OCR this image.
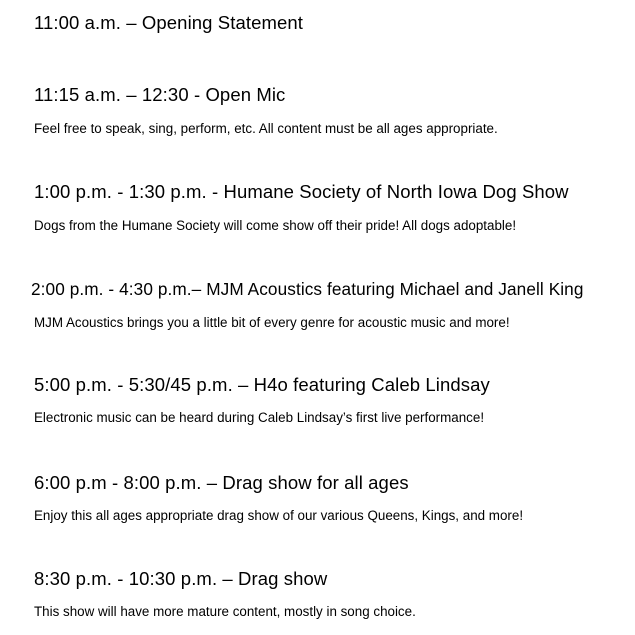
11:00 a.m. – Opening Statement
11:15 a.m. – 12:30 - Open Mic
Feel free to speak, sing, perform, etc. All content must be all ages appropriate.
1:00 p.m. - 1:30 p.m. - Humane Society of North Iowa Dog Show
Dogs from the Humane Society will come show off their pride! All dogs adoptable!
2:00 p.m. - 4:30 p.m.– MJM Acoustics featuring Michael and Janell King
MJM Acoustics brings you a little bit of every genre for acoustic music and more!
5:00 p.m. - 5:30/45 p.m. – H4o featuring Caleb Lindsay
Electronic music can be heard during Caleb Lindsay’s first live performance!
6:00 p.m - 8:00 p.m. – Drag show for all ages
Enjoy this all ages appropriate drag show of our various Queens, Kings, and more!
8:30 p.m. - 10:30 p.m. – Drag show
This show will have more mature content, mostly in song choice.
